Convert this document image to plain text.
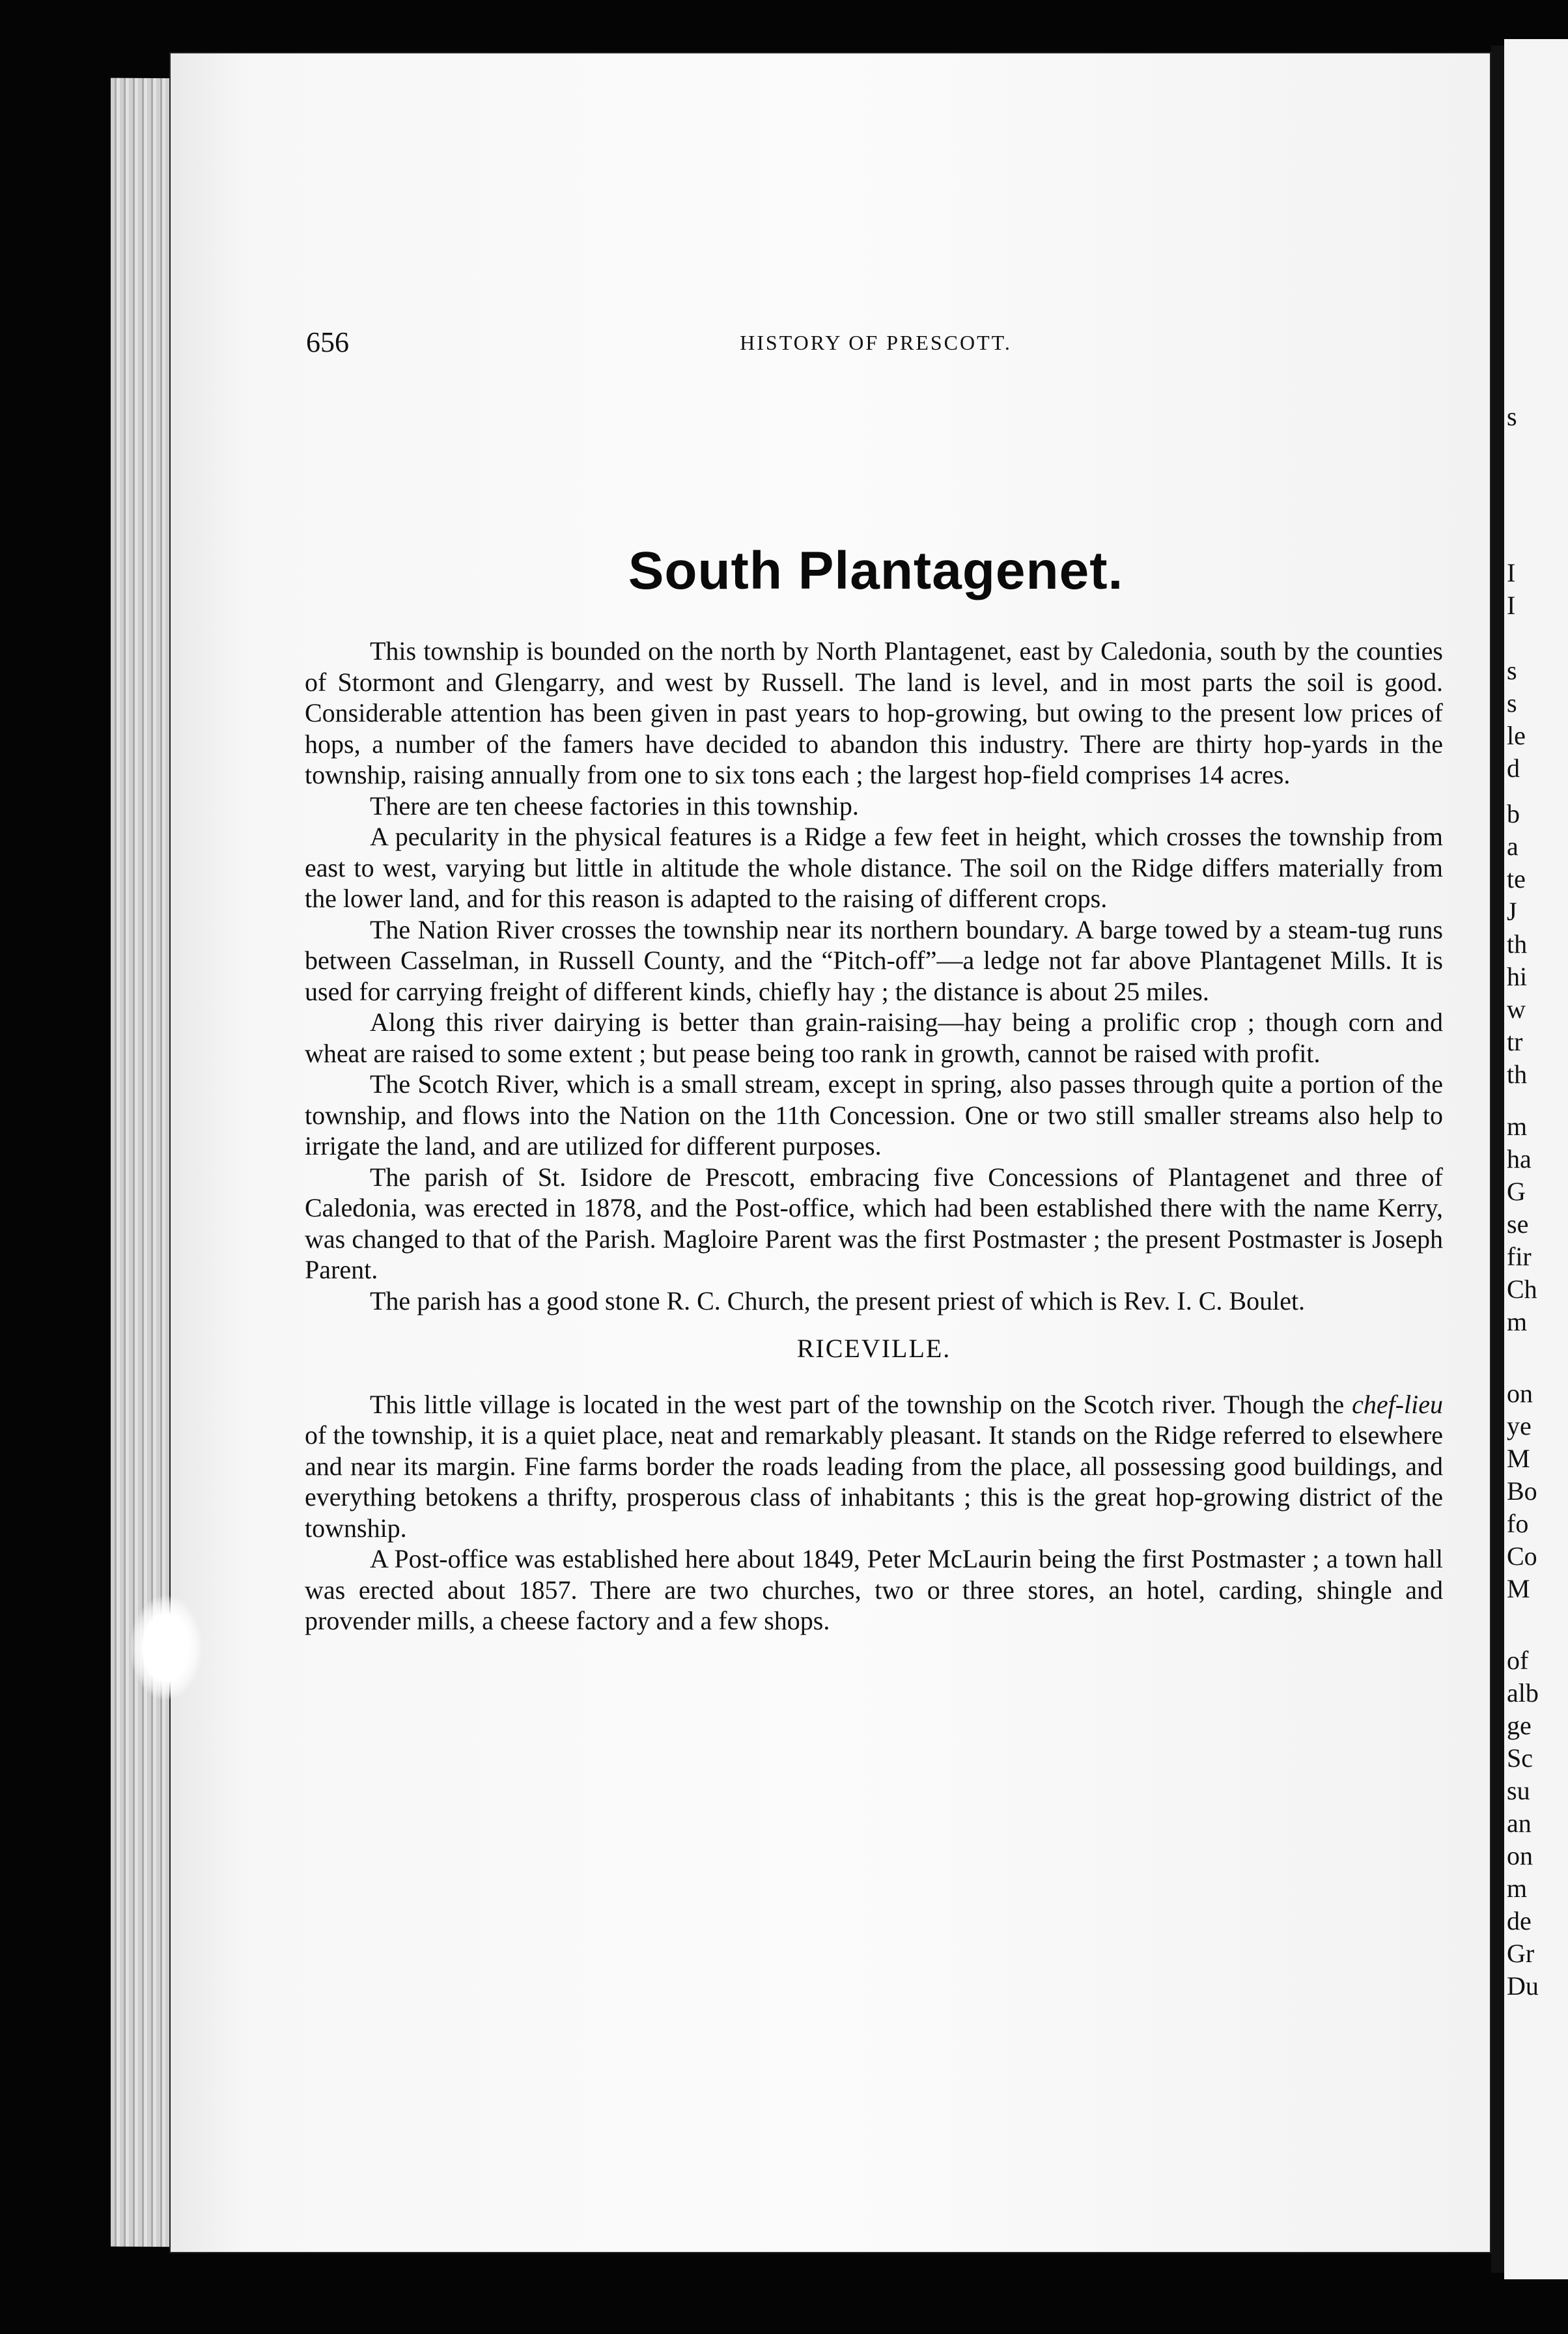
s
I
I
s
s
le
d
b
a
te
J
th
hi
w
tr
th
m
ha
G
se
fir
Ch
m
on
ye
M
Bo
fo
Co
M
of
alb
ge
Sc
su
an
on
m
de
Gr
Du
656	HISTORY OF PRESCOTT.
South Plantagenet.

This township is bounded on the north by North Plantagenet, east by Caledonia, south by the counties of Stormont and Glengarry, and west by Russell. The land is level, and in most parts the soil is good. Considerable attention has been given in past years to hop-growing, but owing to the present low prices of hops, a number of the famers have decided to abandon this industry. There are thirty hop-yards in the township, raising annually from one to six tons each ; the largest hop-field comprises 14 acres.

There are ten cheese factories in this township.

A pecularity in the physical features is a Ridge a few feet in height, which crosses the township from east to west, varying but little in altitude the whole distance. The soil on the Ridge differs materially from the lower land, and for this reason is adapted to the raising of different crops.

The Nation River crosses the township near its northern boundary. A barge towed by a steam-tug runs between Casselman, in Russell County, and the “Pitch-off”—a ledge not far above Plantagenet Mills. It is used for carrying freight of different kinds, chiefly hay ; the distance is about 25 miles.

Along this river dairying is better than grain-raising—hay being a prolific crop ; though corn and wheat are raised to some extent ; but pease being too rank in growth, cannot be raised with profit.

The Scotch River, which is a small stream, except in spring, also passes through quite a portion of the township, and flows into the Nation on the 11th Concession. One or two still smaller streams also help to irrigate the land, and are utilized for different purposes.

The parish of St. Isidore de Prescott, embracing five Concessions of Plantagenet and three of Caledonia, was erected in 1878, and the Post-office, which had been established there with the name Kerry, was changed to that of the Parish. Magloire Parent was the first Postmaster ; the present Postmaster is Joseph Parent.

The parish has a good stone R. C. Church, the present priest of which is Rev. I. C. Boulet.

RICEVILLE.

This little village is located in the west part of the township on the Scotch river. Though the chef-lieu of the township, it is a quiet place, neat and remarkably pleasant. It stands on the Ridge referred to elsewhere and near its margin. Fine farms border the roads leading from the place, all possessing good buildings, and everything betokens a thrifty, prosperous class of inhabitants ; this is the great hop-growing district of the township.

A Post-office was established here about 1849, Peter McLaurin being the first Postmaster ; a town hall was erected about 1857. There are two churches, two or three stores, an hotel, carding, shingle and provender mills, a cheese factory and a few shops.
